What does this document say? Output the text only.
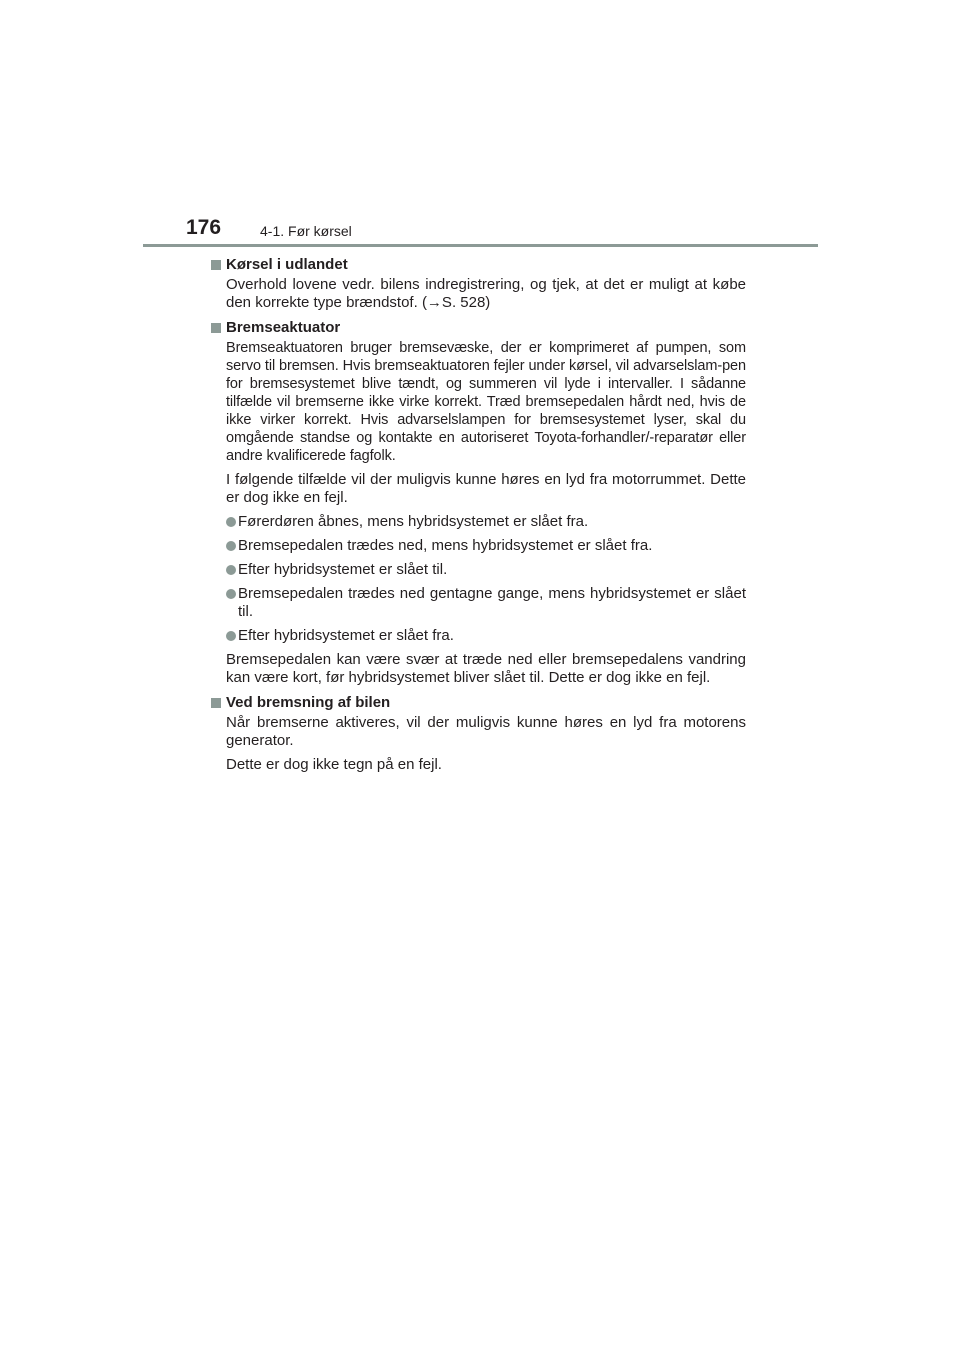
176	4-1. Før kørsel
Kørsel i udlandet

Overhold lovene vedr. bilens indregistrering, og tjek, at det er muligt at købe den korrekte type brændstof. (→S. 528)

Bremseaktuator

Bremseaktuatoren bruger bremsevæske, der er komprimeret af pumpen, som servo til bremsen. Hvis bremseaktuatoren fejler under kørsel, vil advarselslam-pen for bremsesystemet blive tændt, og summeren vil lyde i intervaller. I sådanne tilfælde vil bremserne ikke virke korrekt. Træd bremsepedalen hårdt ned, hvis de ikke virker korrekt. Hvis advarselslampen for bremsesystemet lyser, skal du omgående standse og kontakte en autoriseret Toyota-forhandler/-reparatør eller andre kvalificerede fagfolk.

I følgende tilfælde vil der muligvis kunne høres en lyd fra motorrummet. Dette er dog ikke en fejl.

Førerdøren åbnes, mens hybridsystemet er slået fra.
Bremsepedalen trædes ned, mens hybridsystemet er slået fra.
Efter hybridsystemet er slået til.
Bremsepedalen trædes ned gentagne gange, mens hybridsystemet er slået til.
Efter hybridsystemet er slået fra.

Bremsepedalen kan være svær at træde ned eller bremsepedalens vandring kan være kort, før hybridsystemet bliver slået til. Dette er dog ikke en fejl.

Ved bremsning af bilen

Når bremserne aktiveres, vil der muligvis kunne høres en lyd fra motorens generator.

Dette er dog ikke tegn på en fejl.
